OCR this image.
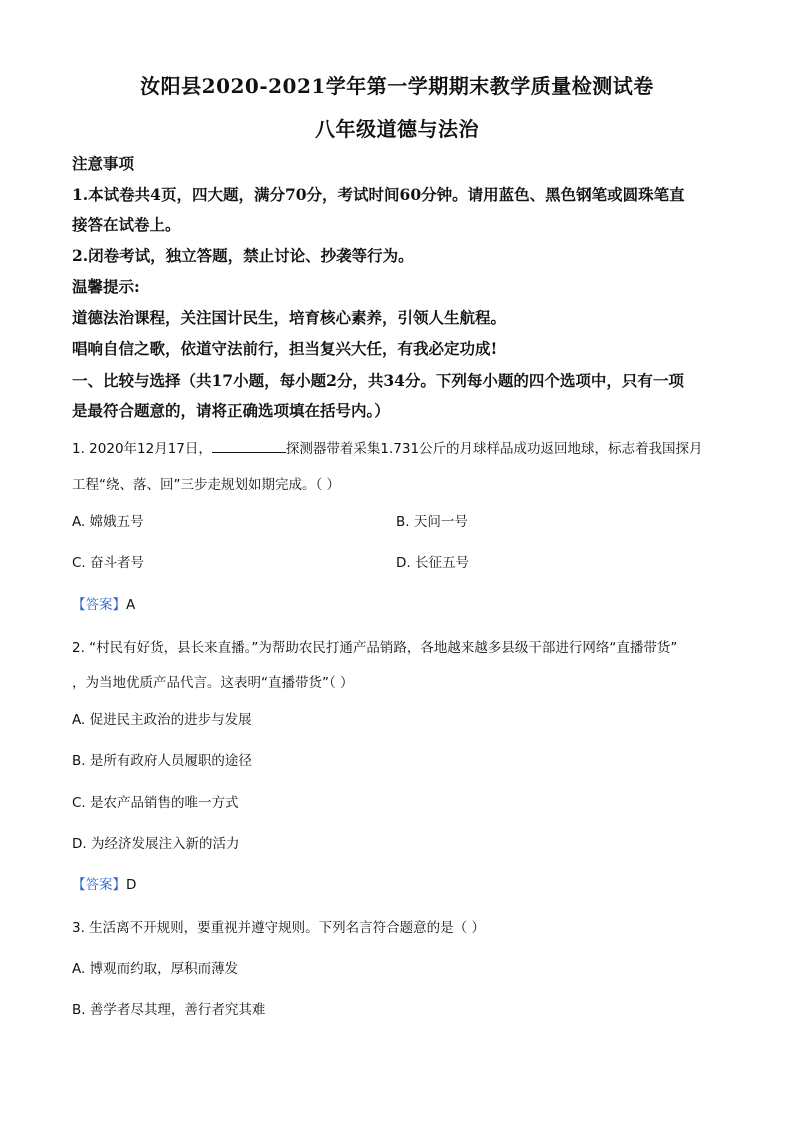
汝阳县2020-2021学年第一学期期末教学质量检测试卷
八年级道德与法治
注意事项
1.本试卷共4页，四大题，满分70分，考试时间60分钟。请用蓝色、黑色钢笔或圆珠笔直
接答在试卷上。
2.闭卷考试，独立答题，禁止讨论、抄袭等行为。
温馨提示:
道德法治课程，关注国计民生，培育核心素养，引领人生航程。
唱响自信之歌，依道守法前行，担当复兴大任，有我必定功成!
一、比较与选择（共17小题，每小题2分，共34分。下列每小题的四个选项中，只有一项
是最符合题意的，请将正确选项填在括号内。）
1. 2020年12月17日，	探测器带着采集1.731公斤的月球样品成功返回地球，标志着我国探月
工程“绕、落、回”三步走规划如期完成。（ ）
A. 嫦娥五号	B. 天问一号
C. 奋斗者号	D. 长征五号
【答案】A
2. “村民有好货，县长来直播。”为帮助农民打通产品销路，各地越来越多县级干部进行网络“直播带货”
，为当地优质产品代言。这表明“直播带货”（ ）
A. 促进民主政治的进步与发展
B. 是所有政府人员履职的途径
C. 是农产品销售的唯一方式
D. 为经济发展注入新的活力
【答案】D
3. 生活离不开规则，要重视并遵守规则。下列名言符合题意的是（ ）
A. 博观而约取，厚积而薄发
B. 善学者尽其理，善行者究其难
